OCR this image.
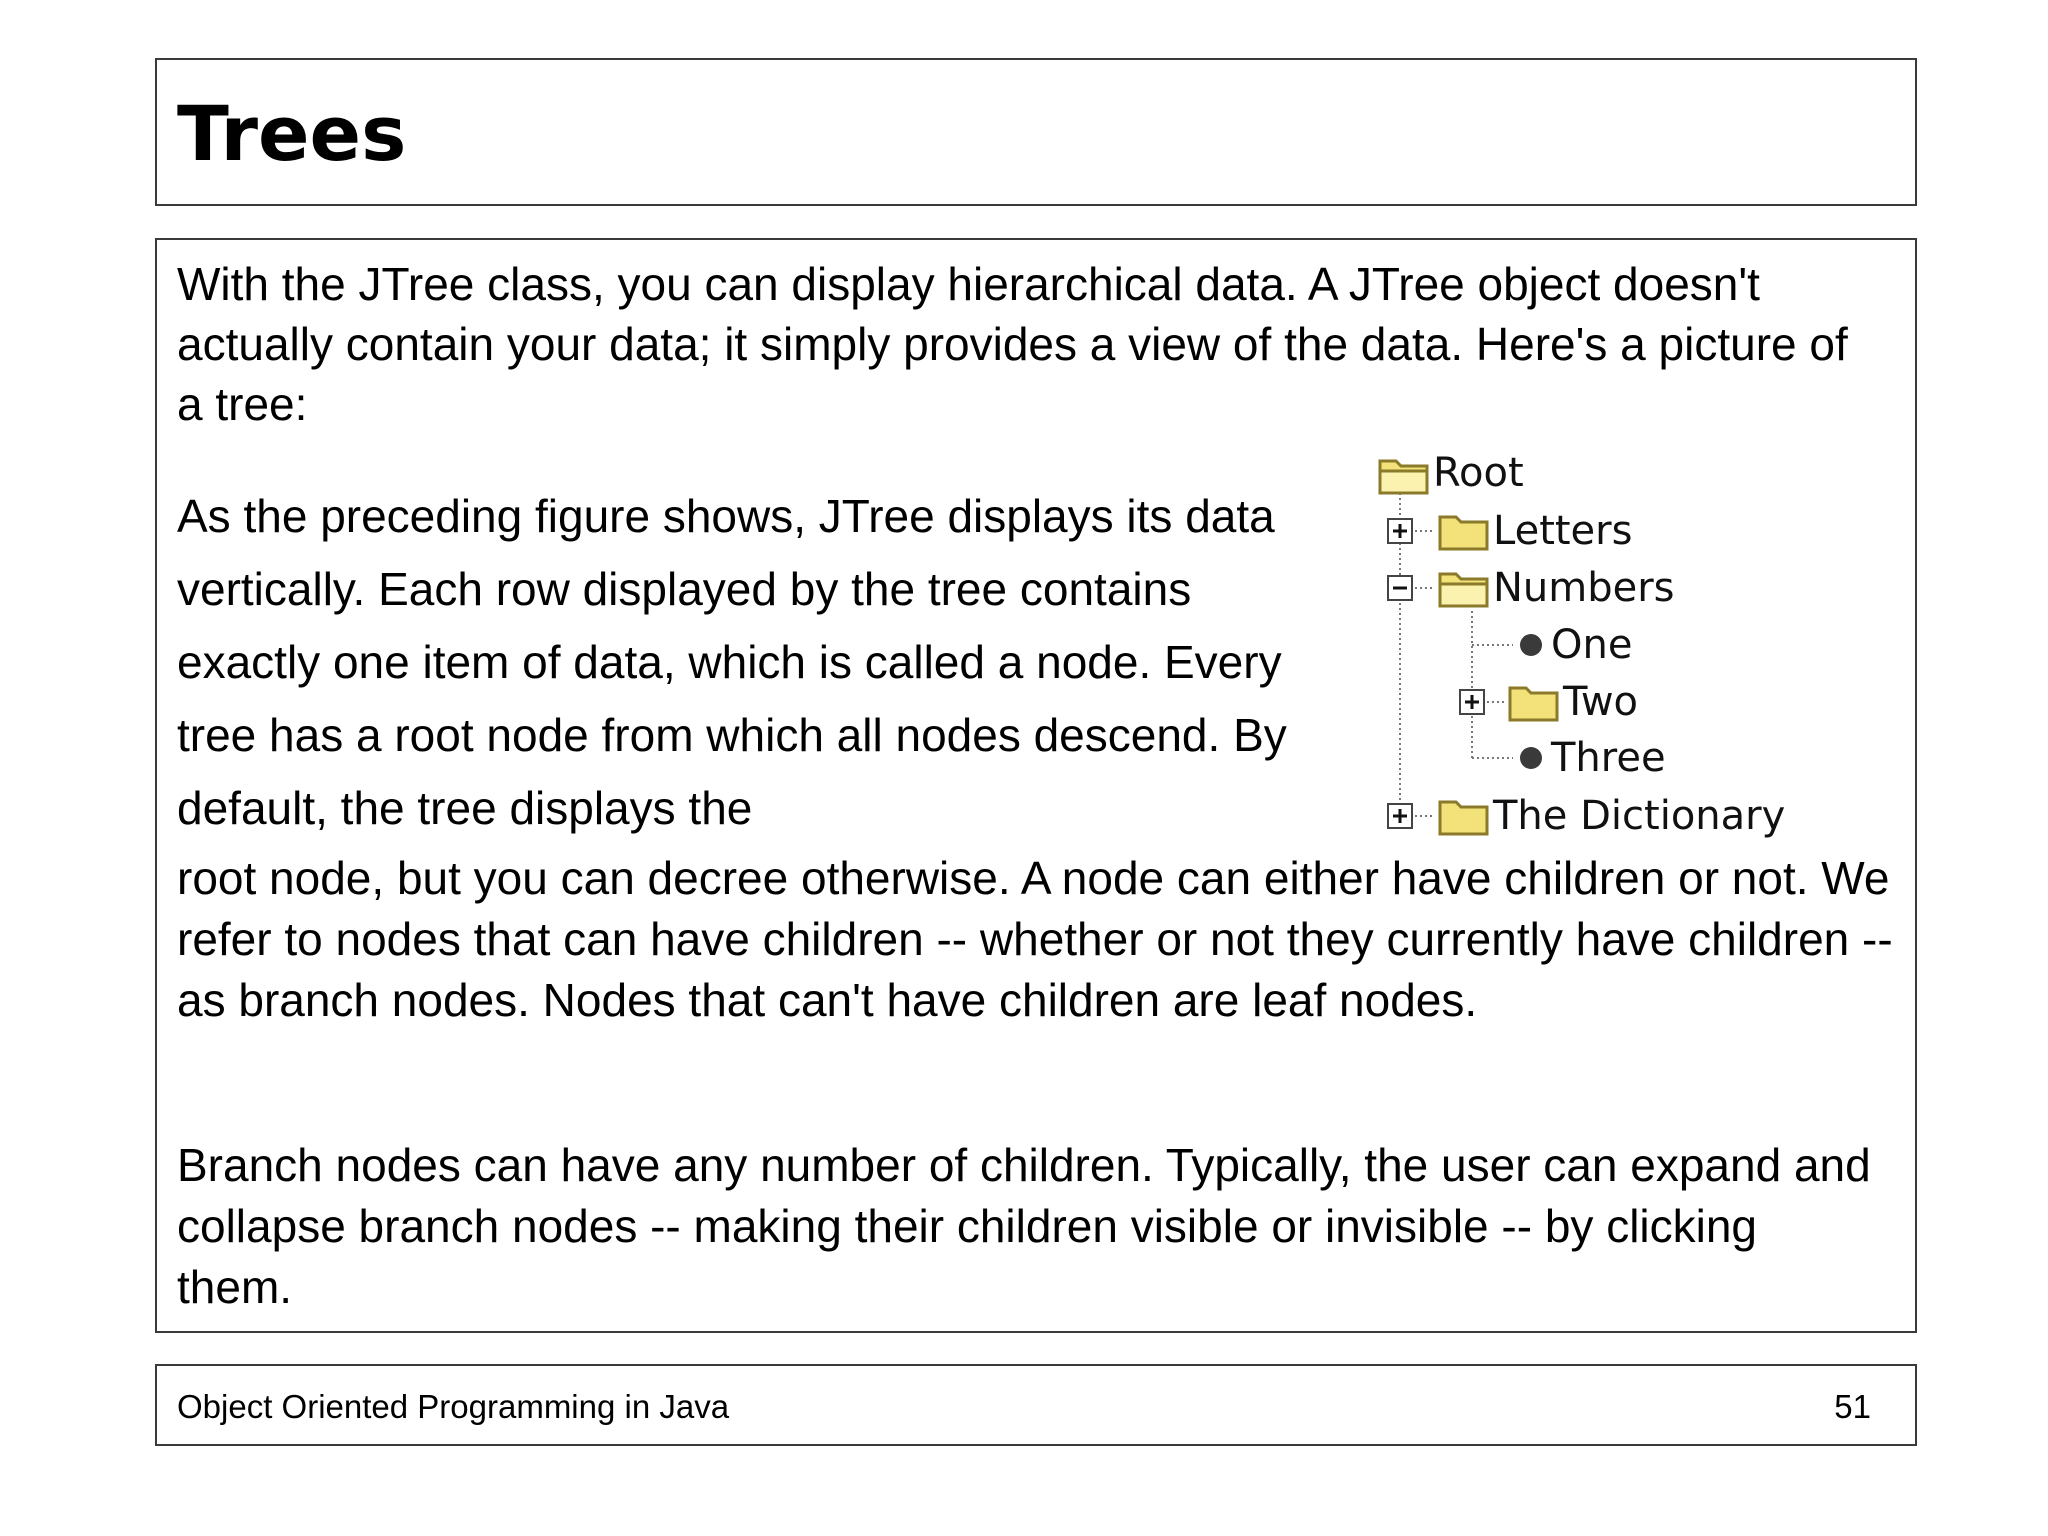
Trees

With the JTree class, you can display hierarchical data. A JTree object doesn't actually contain your data; it simply provides a view of the data. Here's a picture of a tree:

As the preceding figure shows, JTree displays its data vertically. Each row displayed by the tree contains exactly one item of data, which is called a node. Every tree has a root node from which all nodes descend. By default, the tree displays the

root node, but you can decree otherwise. A node can either have children or not. We refer to nodes that can have children -- whether or not they currently have children -- as branch nodes. Nodes that can't have children are leaf nodes.

Branch nodes can have any number of children. Typically, the user can expand and collapse branch nodes -- making their children visible or invisible -- by clicking them.

Root
Letters
Numbers
One
Two
Three
The Dictionary

Object Oriented Programming in Java	51
